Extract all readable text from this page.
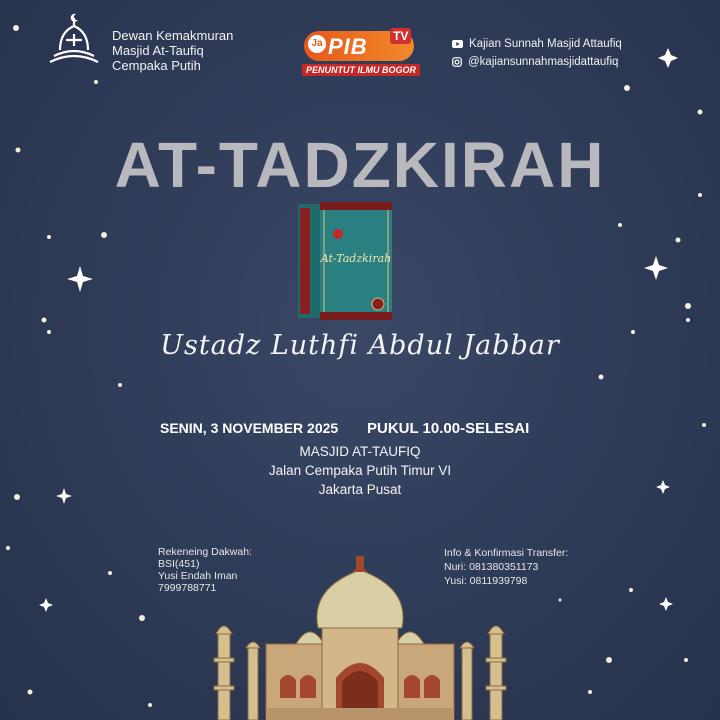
Dewan Kemakmuran
Masjid At-Taufiq
Cempaka Putih
Ja PIB TV
PENUNTUT ILMU BOGOR
Kajian Sunnah Masjid Attaufiq
@kajiansunnahmasjidattaufiq
AT-TADZKIRAH
At-Tadzkirah
Ustadz Luthfi Abdul Jabbar
SENIN, 3 NOVEMBER 2025 PUKUL 10.00-SELESAI
MASJID AT-TAUFIQ
Jalan Cempaka Putih Timur VI
Jakarta Pusat
Rekeneing Dakwah:
BSI(451)
Yusi Endah Iman
7999788771
Info & Konfirmasi Transfer:
Nuri: 081380351173
Yusi: 0811939798
